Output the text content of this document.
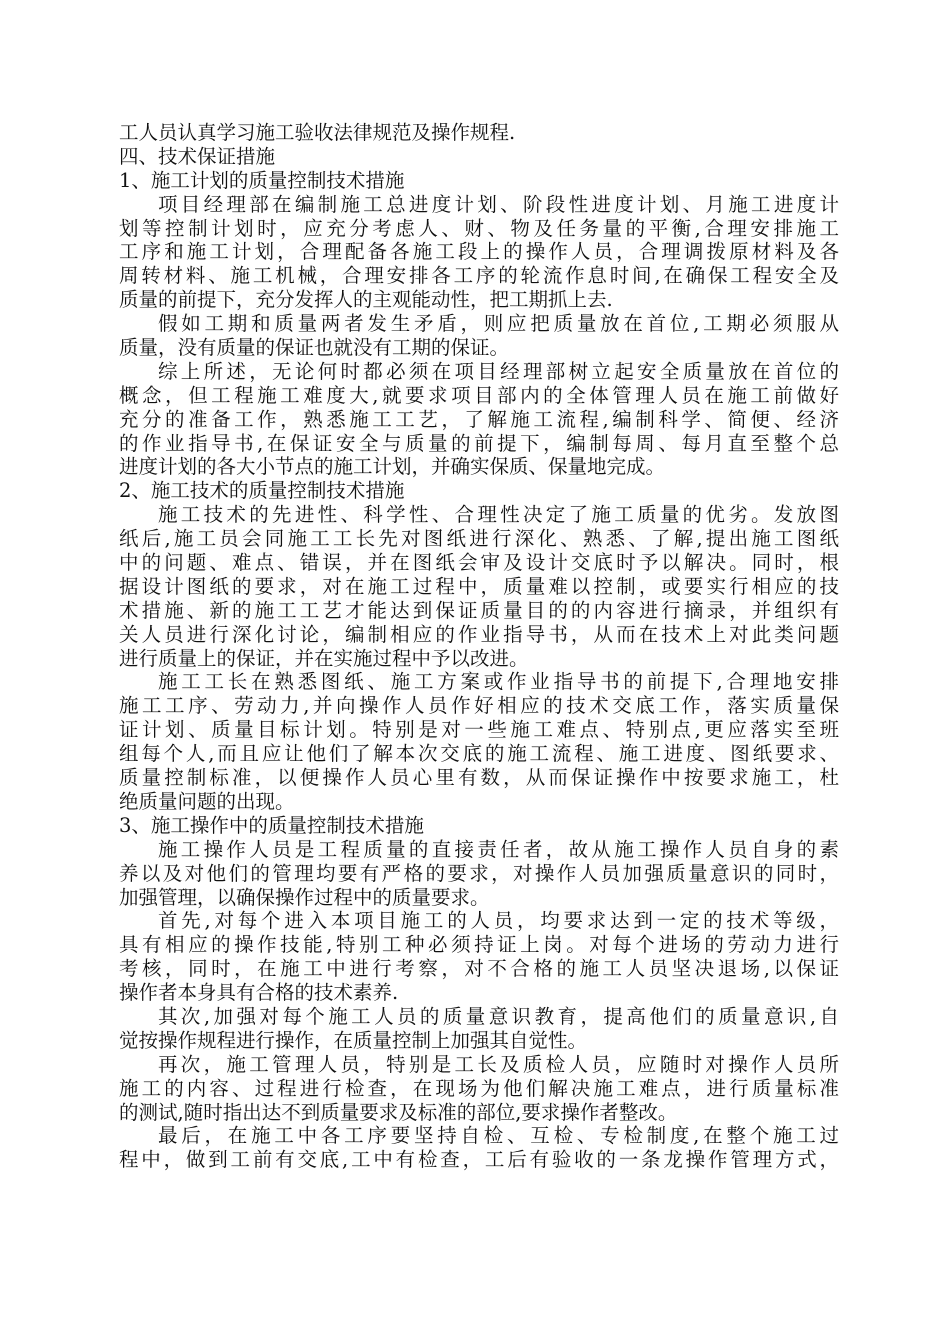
工人员认真学习施工验收法律规范及操作规程.
四、技术保证措施
1、施工计划的质量控制技术措施
项目经理部在编制施工总进度计划、阶段性进度计划、月施工进度计
划等控制计划时，应充分考虑人、财、物及任务量的平衡,合理安排施工
工序和施工计划，合理配备各施工段上的操作人员，合理调拨原材料及各
周转材料、施工机械，合理安排各工序的轮流作息时间,在确保工程安全及
质量的前提下，充分发挥人的主观能动性，把工期抓上去.
假如工期和质量两者发生矛盾，则应把质量放在首位,工期必须服从
质量，没有质量的保证也就没有工期的保证。
综上所述，无论何时都必须在项目经理部树立起安全质量放在首位的
概念，但工程施工难度大,就要求项目部内的全体管理人员在施工前做好
充分的准备工作，熟悉施工工艺，了解施工流程,编制科学、简便、经济
的作业指导书,在保证安全与质量的前提下，编制每周、每月直至整个总
进度计划的各大小节点的施工计划，并确实保质、保量地完成。
2、施工技术的质量控制技术措施
施工技术的先进性、科学性、合理性决定了施工质量的优劣。发放图
纸后,施工员会同施工工长先对图纸进行深化、熟悉、了解,提出施工图纸
中的问题、难点、错误，并在图纸会审及设计交底时予以解决。同时，根
据设计图纸的要求，对在施工过程中，质量难以控制，或要实行相应的技
术措施、新的施工工艺才能达到保证质量目的的内容进行摘录，并组织有
关人员进行深化讨论，编制相应的作业指导书，从而在技术上对此类问题
进行质量上的保证，并在实施过程中予以改进。
施工工长在熟悉图纸、施工方案或作业指导书的前提下,合理地安排
施工工序、劳动力,并向操作人员作好相应的技术交底工作，落实质量保
证计划、质量目标计划。特别是对一些施工难点、特别点,更应落实至班
组每个人,而且应让他们了解本次交底的施工流程、施工进度、图纸要求、
质量控制标准，以便操作人员心里有数，从而保证操作中按要求施工，杜
绝质量问题的出现。
3、施工操作中的质量控制技术措施
施工操作人员是工程质量的直接责任者，故从施工操作人员自身的素
养以及对他们的管理均要有严格的要求，对操作人员加强质量意识的同时，
加强管理，以确保操作过程中的质量要求。
首先,对每个进入本项目施工的人员，均要求达到一定的技术等级，
具有相应的操作技能,特别工种必须持证上岗。对每个进场的劳动力进行
考核，同时，在施工中进行考察，对不合格的施工人员坚决退场,以保证
操作者本身具有合格的技术素养.
其次,加强对每个施工人员的质量意识教育，提高他们的质量意识,自
觉按操作规程进行操作，在质量控制上加强其自觉性。
再次，施工管理人员，特别是工长及质检人员，应随时对操作人员所
施工的内容、过程进行检查，在现场为他们解决施工难点，进行质量标准
的测试,随时指出达不到质量要求及标准的部位,要求操作者整改。
最后，在施工中各工序要坚持自检、互检、专检制度,在整个施工过
程中，做到工前有交底,工中有检查，工后有验收的一条龙操作管理方式，
